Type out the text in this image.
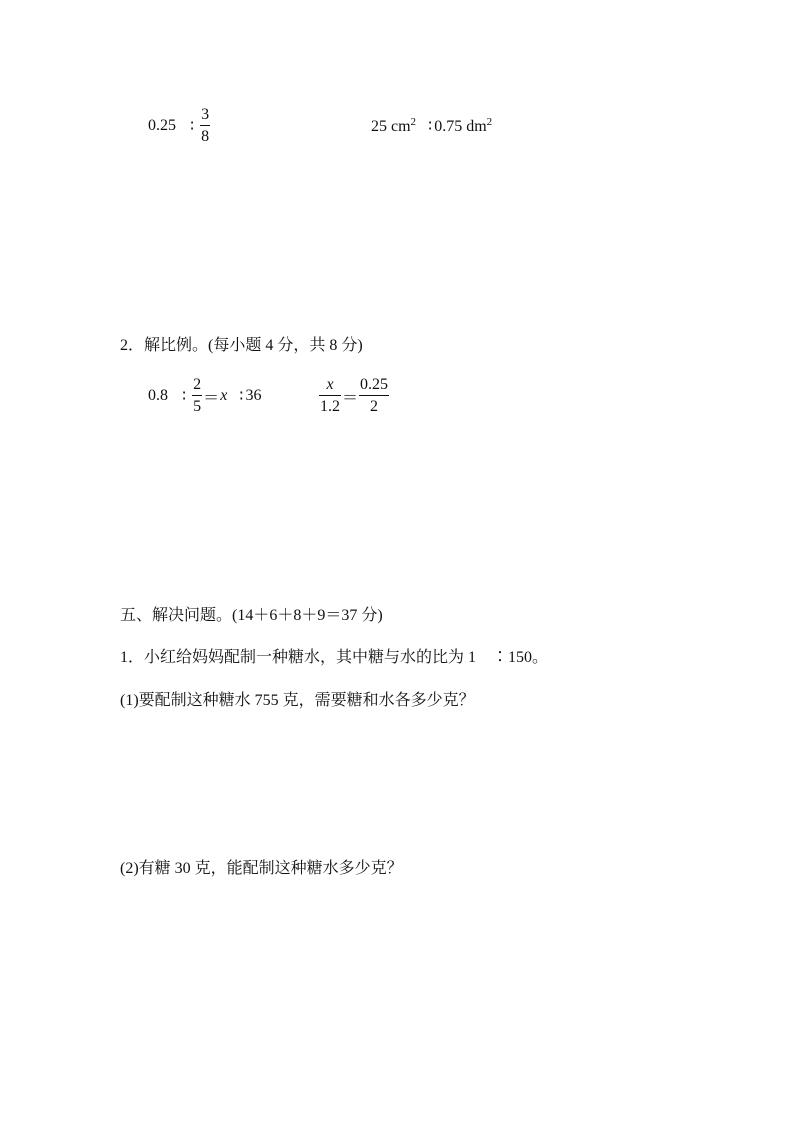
0.25 ∶ $\frac{3}{8}$	25 $cm^2$ ∶ 0.75 $dm^2$
2．解比例。(每小题 4 分，共 8 分)
0.8 ∶ $\frac{2}{5} =x$ ∶ 36	$\frac{x}{1.2} = \frac{0.25}{2}$
五、解决问题。(14＋6＋8＋9＝37 分)
1．小红给妈妈配制一种糖水，其中糖与水的比为 1　∶150。
(1)要配制这种糖水 755 克，需要糖和水各多少克？
(2)有糖 30 克，能配制这种糖水多少克？
